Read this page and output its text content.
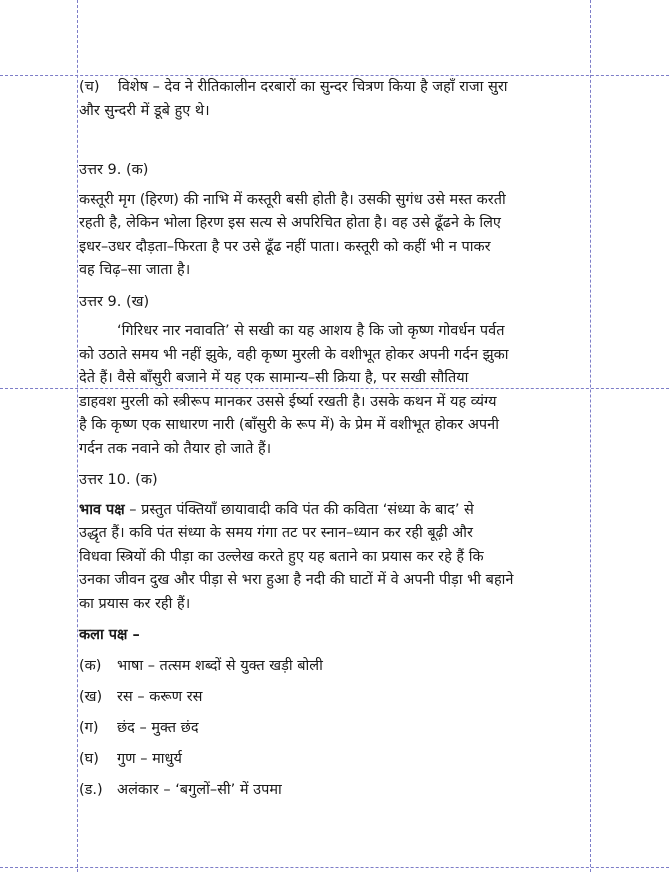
(च) विशेष – देव ने रीतिकालीन दरबारों का सुन्दर चित्रण किया है जहाँ राजा सुरा
और सुन्दरी में डूबे हुए थे।
उत्तर 9. (क)
कस्तूरी मृग (हिरण) की नाभि में कस्तूरी बसी होती है। उसकी सुगंध उसे मस्त करती
रहती है, लेकिन भोला हिरण इस सत्य से अपरिचित होता है। वह उसे ढूँढने के लिए
इधर–उधर दौड़ता–फिरता है पर उसे ढूँढ नहीं पाता। कस्तूरी को कहीं भी न पाकर
वह चिढ़–सा जाता है।
उत्तर 9. (ख)
‘गिरिधर नार नवावति’ से सखी का यह आशय है कि जो कृष्ण गोवर्धन पर्वत
को उठाते समय भी नहीं झुके, वही कृष्ण मुरली के वशीभूत होकर अपनी गर्दन झुका
देते हैं। वैसे बाँसुरी बजाने में यह एक सामान्य–सी क्रिया है, पर सखी सौतिया
डाहवश मुरली को स्त्रीरूप मानकर उससे ईर्ष्या रखती है। उसके कथन में यह व्यंग्य
है कि कृष्ण एक साधारण नारी (बाँसुरी के रूप में) के प्रेम में वशीभूत होकर अपनी
गर्दन तक नवाने को तैयार हो जाते हैं।
उत्तर 10. (क)
भाव पक्ष – प्रस्तुत पंक्तियाँ छायावादी कवि पंत की कविता ‘संध्या के बाद’ से
उद्धृत हैं। कवि पंत संध्या के समय गंगा तट पर स्नान–ध्यान कर रही बूढ़ी और
विधवा स्त्रियों की पीड़ा का उल्लेख करते हुए यह बताने का प्रयास कर रहे हैं कि
उनका जीवन दुख और पीड़ा से भरा हुआ है नदी की घाटों में वे अपनी पीड़ा भी बहाने
का प्रयास कर रही हैं।
कला पक्ष –
(क)	भाषा – तत्सम शब्दों से युक्त खड़ी बोली
(ख)	रस – करूण रस
(ग)	छंद – मुक्त छंद
(घ)	गुण – माधुर्य
(ड.) अलंकार – ‘बगुलों–सी’ में उपमा
